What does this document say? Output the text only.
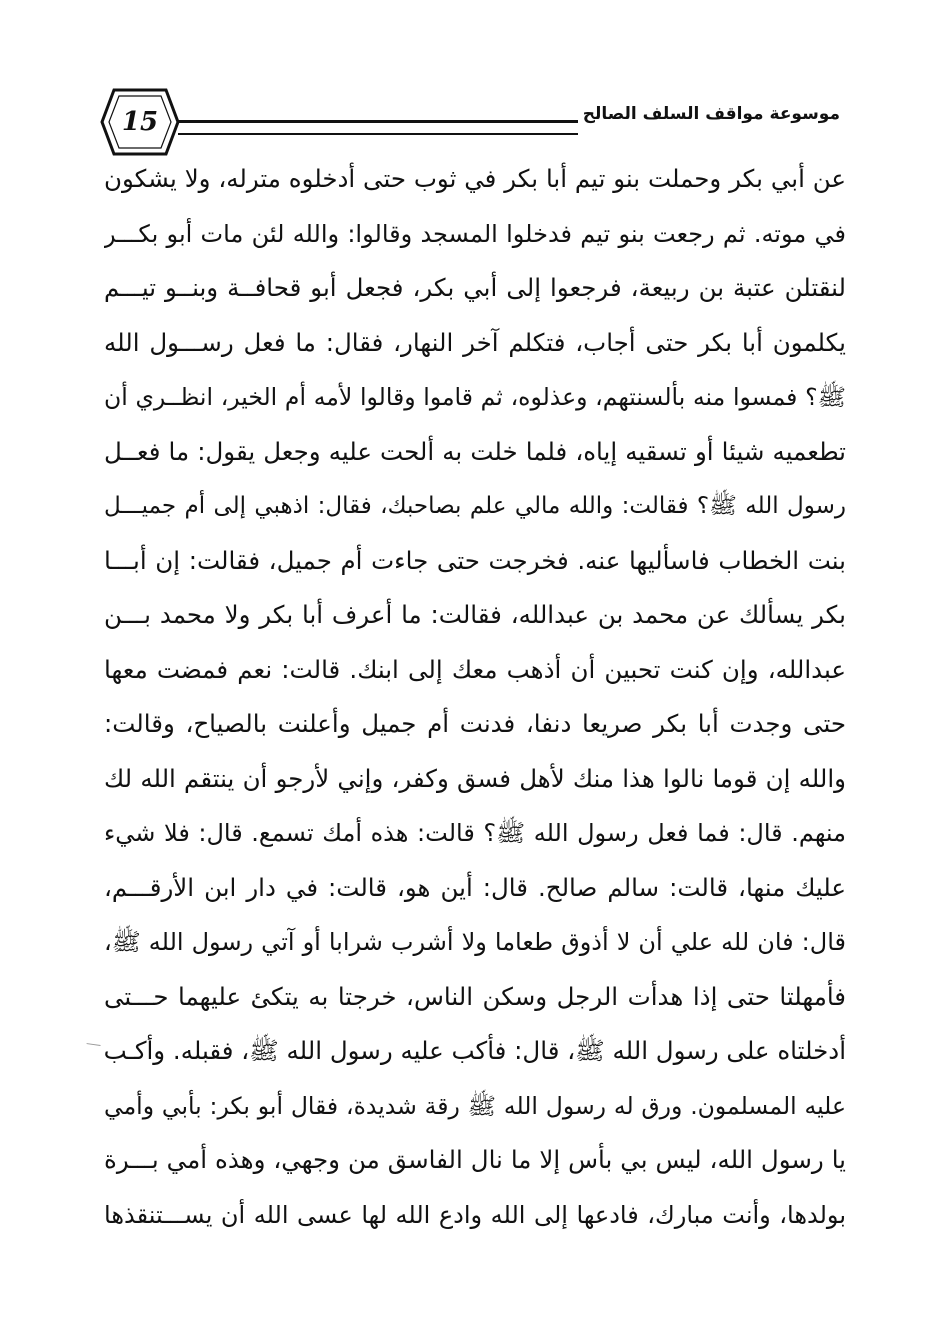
15	موسوعة مواقف السلف الصالح
عن أبي بكر وحملت بنو تيم أبا بكر في ثوب حتى أدخلوه مترله، ولا يشكون
في موته. ثم رجعت بنو تيم فدخلوا المسجد وقالوا: والله لئن مات أبو بكـــر
لنقتلن عتبة بن ربيعة، فرجعوا إلى أبي بكر، فجعل أبو قحافــة وبنــو تيـــم
يكلمون أبا بكر حتى أجاب، فتكلم آخر النهار، فقال: ما فعل رســـول الله
ﷺ؟ فمسوا منه بألسنتهم، وعذلوه، ثم قاموا وقالوا لأمه أم الخير، انظــري أن
تطعميه شيئا أو تسقيه إياه، فلما خلت به ألحت عليه وجعل يقول: ما فعــل
رسول الله ﷺ؟ فقالت: والله مالي علم بصاحبك، فقال: اذهبي إلى أم جميـــل
بنت الخطاب فاسأليها عنه. فخرجت حتى جاءت أم جميل، فقالت: إن أبـــا
بكر يسألك عن محمد بن عبدالله، فقالت: ما أعرف أبا بكر ولا محمد بـــن
عبدالله، وإن كنت تحبين أن أذهب معك إلى ابنك. قالت: نعم فمضت معها
حتى وجدت أبا بكر صريعا دنفا، فدنت أم جميل وأعلنت بالصياح، وقالت:
والله إن قوما نالوا هذا منك لأهل فسق وكفر، وإني لأرجو أن ينتقم الله لك
منهم. قال: فما فعل رسول الله ﷺ؟ قالت: هذه أمك تسمع. قال: فلا شيء
عليك منها، قالت: سالم صالح. قال: أين هو، قالت: في دار ابن الأرقـــم،
قال: فان لله علي أن لا أذوق طعاما ولا أشرب شرابا أو آتي رسول الله ﷺ،
فأمهلتا حتى إذا هدأت الرجل وسكن الناس، خرجتا به يتكئ عليهما حـــتى
أدخلتاه على رسول الله ﷺ، قال: فأكب عليه رسول الله ﷺ، فقبله. وأكـب
عليه المسلمون. ورق له رسول الله ﷺ رقة شديدة، فقال أبو بكر: بأبي وأمي
يا رسول الله، ليس بي بأس إلا ما نال الفاسق من وجهي، وهذه أمي بـــرة
بولدها، وأنت مبارك، فادعها إلى الله وادع الله لها عسى الله أن يســـتنقذها
